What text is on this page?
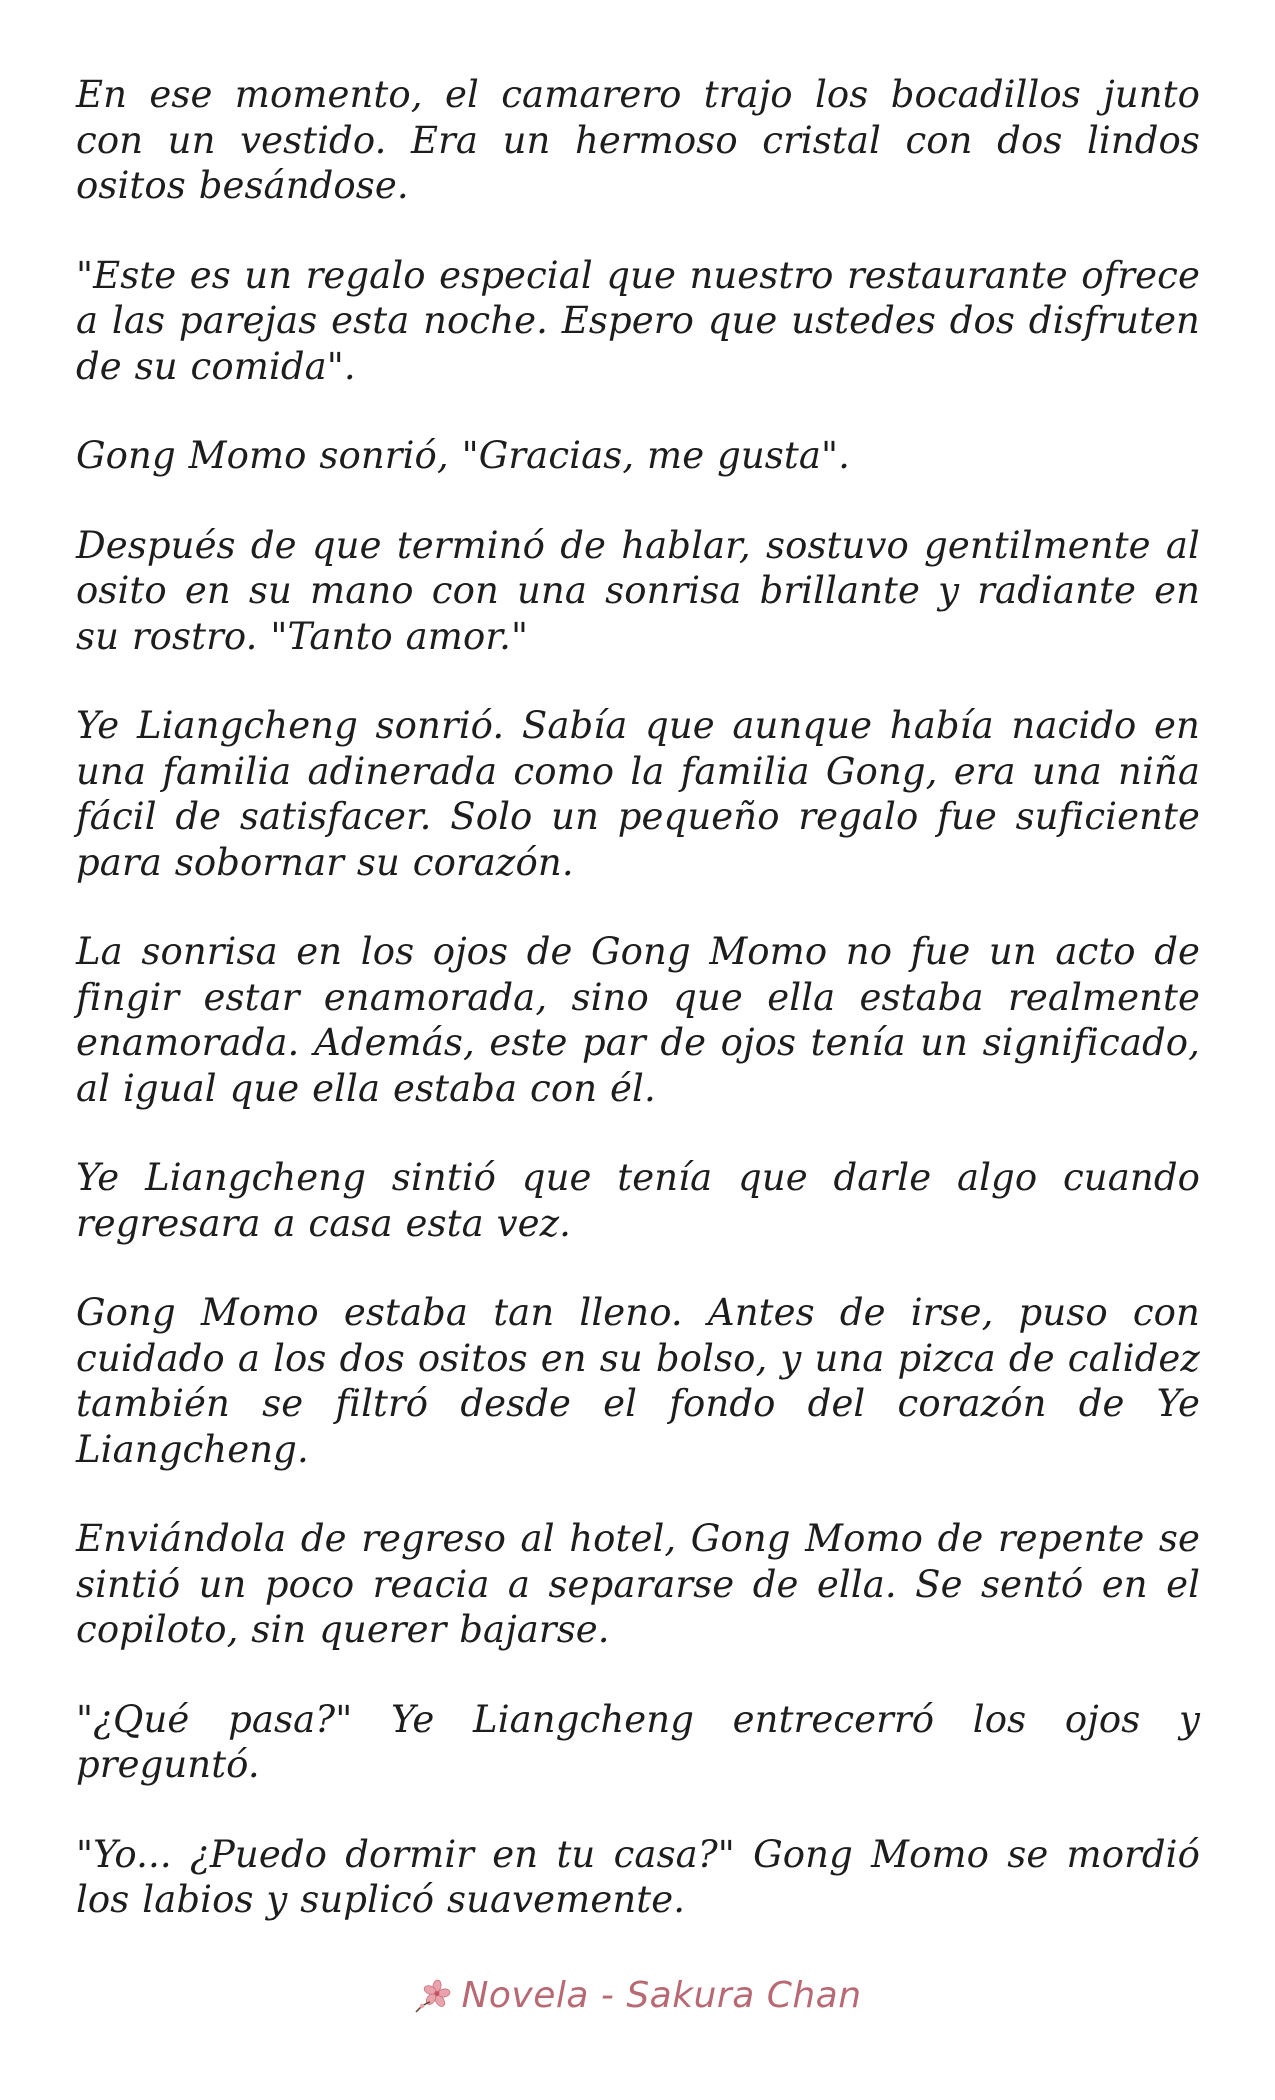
En ese momento, el camarero trajo los bocadillos junto con un vestido. Era un hermoso cristal con dos lindos ositos besándose.

"Este es un regalo especial que nuestro restaurante ofrece a las parejas esta noche. Espero que ustedes dos disfruten de su comida".

Gong Momo sonrió, "Gracias, me gusta".

Después de que terminó de hablar, sostuvo gentilmente al osito en su mano con una sonrisa brillante y radiante en su rostro. "Tanto amor."

Ye Liangcheng sonrió. Sabía que aunque había nacido en una familia adinerada como la familia Gong, era una niña fácil de satisfacer. Solo un pequeño regalo fue suficiente para sobornar su corazón.

La sonrisa en los ojos de Gong Momo no fue un acto de fingir estar enamorada, sino que ella estaba realmente enamorada. Además, este par de ojos tenía un significado, al igual que ella estaba con él.

Ye Liangcheng sintió que tenía que darle algo cuando regresara a casa esta vez.

Gong Momo estaba tan lleno. Antes de irse, puso con cuidado a los dos ositos en su bolso, y una pizca de calidez también se filtró desde el fondo del corazón de Ye Liangcheng.

Enviándola de regreso al hotel, Gong Momo de repente se sintió un poco reacia a separarse de ella. Se sentó en el copiloto, sin querer bajarse.

"¿Qué pasa?" Ye Liangcheng entrecerró los ojos y preguntó.

"Yo... ¿Puedo dormir en tu casa?" Gong Momo se mordió los labios y suplicó suavemente.

Novela - Sakura Chan
